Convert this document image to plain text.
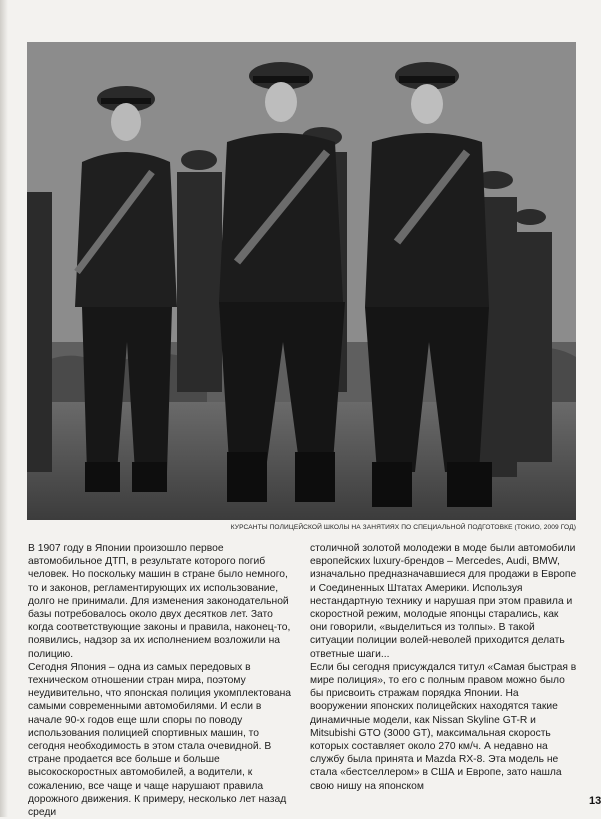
КУРСАНТЫ ПОЛИЦЕЙСКОЙ ШКОЛЫ НА ЗАНЯТИЯХ ПО СПЕЦИАЛЬНОЙ ПОДГОТОВКЕ (ТОКИО, 2009 ГОД)

В 1907 году в Японии произошло первое автомобильное ДТП, в результате которого погиб человек. Но поскольку машин в стране было немного, то и законов, регламентирующих их использование, долго не принимали. Для изменения законодательной базы потребовалось около двух десятков лет. Зато когда соответствующие законы и правила, наконец-то, появились, надзор за их исполнением возложили на полицию.

Сегодня Япония – одна из самых передовых в техническом отношении стран мира, поэтому неудивительно, что японская полиция укомплектована самыми современными автомобилями. И если в начале 90-х годов еще шли споры по поводу использования полицией спортивных машин, то сегодня необходимость в этом стала очевидной. В стране продается все больше и больше высокоскоростных автомобилей, а водители, к сожалению, все чаще и чаще нарушают правила дорожного движения. К примеру, несколько лет назад среди

столичной золотой молодежи в моде были автомобили европейских luxury-брендов – Mercedes, Audi, BMW, изначально предназначавшиеся для продажи в Европе и Соединенных Штатах Америки. Используя нестандартную технику и нарушая при этом правила и скоростной режим, молодые японцы старались, как они говорили, «выделиться из толпы». В такой ситуации полиции волей-неволей приходится делать ответные шаги...

Если бы сегодня присуждался титул «Самая быстрая в мире полиция», то его с полным правом можно было бы присвоить стражам порядка Японии. На вооружении японских полицейских находятся такие динамичные модели, как Nissan Skyline GT-R и Mitsubishi GTO (3000 GT), максимальная скорость которых составляет около 270 км/ч. А недавно на службу была принята и Mazda RX-8. Эта модель не стала «бестселлером» в США и Европе, зато нашла свою нишу на японском

13
